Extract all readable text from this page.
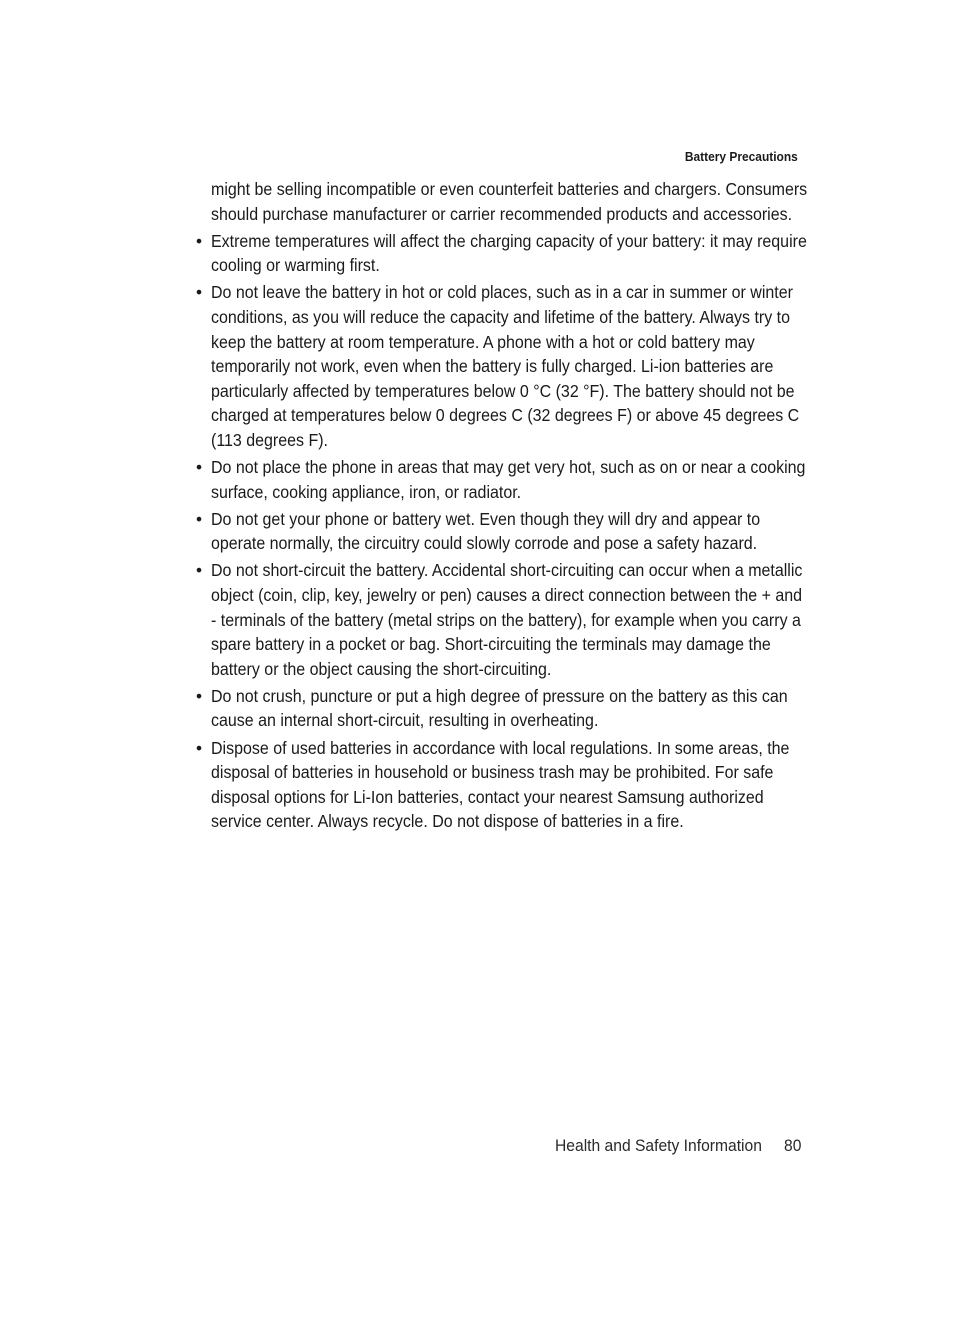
Battery Precautions

might be selling incompatible or even counterfeit batteries and chargers. Consumers should purchase manufacturer or carrier recommended products and accessories.

• Extreme temperatures will affect the charging capacity of your battery: it may require cooling or warming first.
• Do not leave the battery in hot or cold places, such as in a car in summer or winter conditions, as you will reduce the capacity and lifetime of the battery. Always try to keep the battery at room temperature. A phone with a hot or cold battery may temporarily not work, even when the battery is fully charged. Li-ion batteries are particularly affected by temperatures below 0 °C (32 °F). The battery should not be charged at temperatures below 0 degrees C (32 degrees F) or above 45 degrees C (113 degrees F).
• Do not place the phone in areas that may get very hot, such as on or near a cooking surface, cooking appliance, iron, or radiator.
• Do not get your phone or battery wet. Even though they will dry and appear to operate normally, the circuitry could slowly corrode and pose a safety hazard.
• Do not short-circuit the battery. Accidental short-circuiting can occur when a metallic object (coin, clip, key, jewelry or pen) causes a direct connection between the + and - terminals of the battery (metal strips on the battery), for example when you carry a spare battery in a pocket or bag. Short-circuiting the terminals may damage the battery or the object causing the short-circuiting.
• Do not crush, puncture or put a high degree of pressure on the battery as this can cause an internal short-circuit, resulting in overheating.
• Dispose of used batteries in accordance with local regulations. In some areas, the disposal of batteries in household or business trash may be prohibited. For safe disposal options for Li-Ion batteries, contact your nearest Samsung authorized service center. Always recycle. Do not dispose of batteries in a fire.
Health and Safety Information 80
